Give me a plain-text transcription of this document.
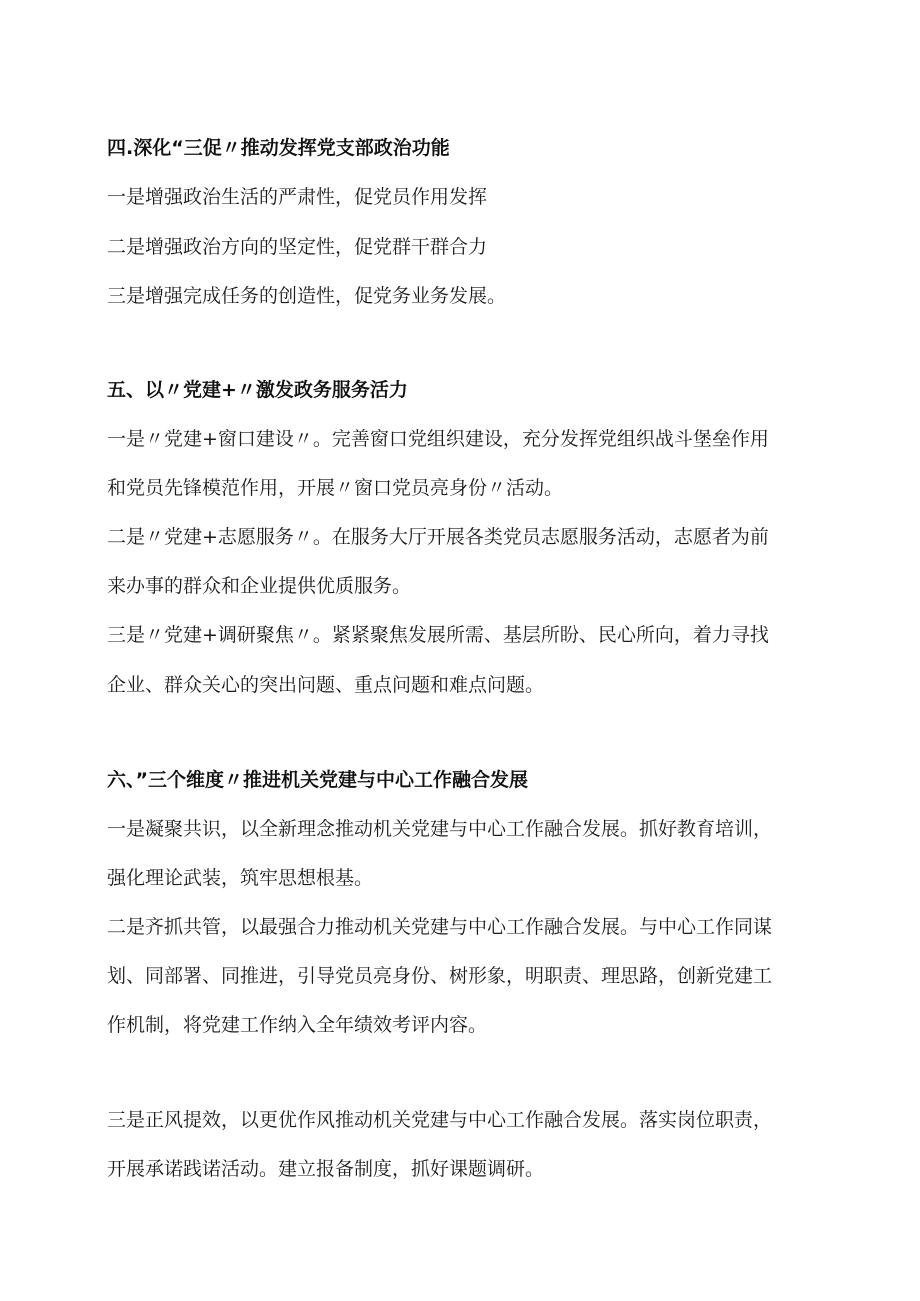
四.深化“三促〃推动发挥党支部政治功能
一是增强政治生活的严肃性，促党员作用发挥
二是增强政治方向的坚定性，促党群干群合力
三是增强完成任务的创造性，促党务业务发展。
五、以〃党建+〃激发政务服务活力
一是〃党建+窗口建设〃。完善窗口党组织建设，充分发挥党组织战斗堡垒作用
和党员先锋模范作用，开展〃窗口党员亮身份〃活动。
二是〃党建+志愿服务〃。在服务大厅开展各类党员志愿服务活动，志愿者为前
来办事的群众和企业提供优质服务。
三是〃党建+调研聚焦〃。紧紧聚焦发展所需、基层所盼、民心所向，着力寻找
企业、群众关心的突出问题、重点问题和难点问题。
六、”三个维度〃推进机关党建与中心工作融合发展
一是凝聚共识，以全新理念推动机关党建与中心工作融合发展。抓好教育培训，
强化理论武装，筑牢思想根基。
二是齐抓共管，以最强合力推动机关党建与中心工作融合发展。与中心工作同谋
划、同部署、同推进，引导党员亮身份、树形象，明职责、理思路，创新党建工
作机制，将党建工作纳入全年绩效考评内容。
三是正风提效，以更优作风推动机关党建与中心工作融合发展。落实岗位职责，
开展承诺践诺活动。建立报备制度，抓好课题调研。
